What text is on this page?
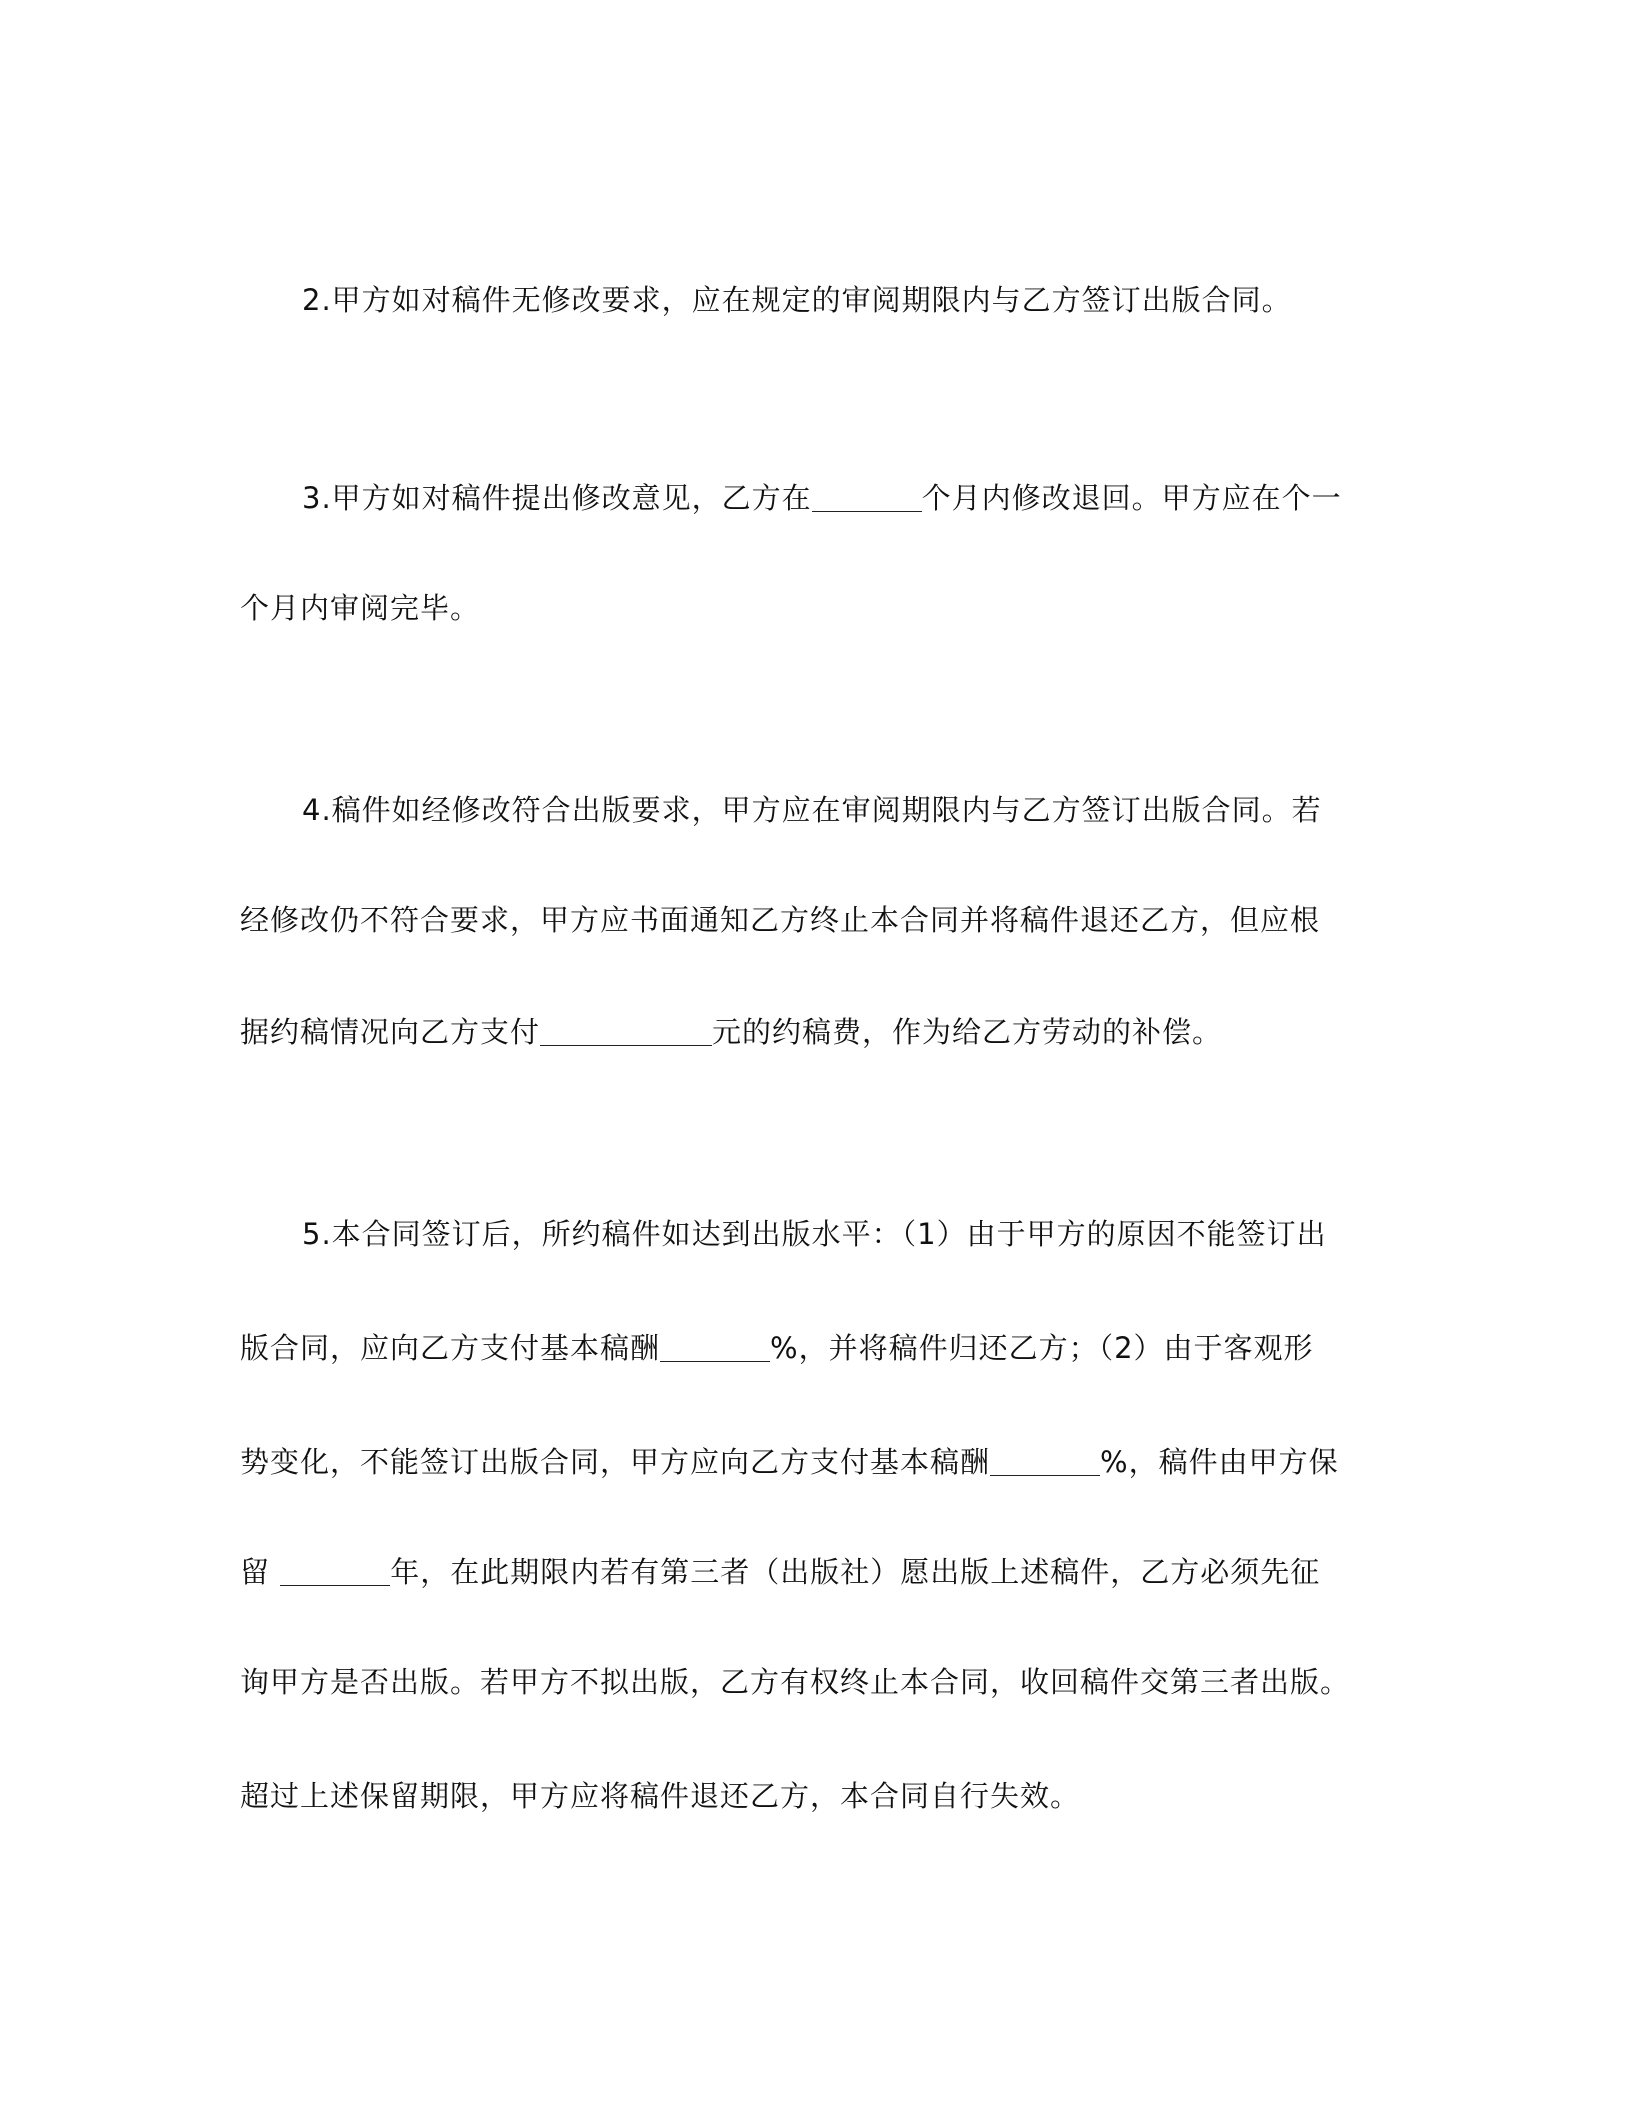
2.甲方如对稿件无修改要求，应在规定的审阅期限内与乙方签订出版合同。
3.甲方如对稿件提出修改意见，乙方在	个月内修改退回。甲方应在个一
个月内审阅完毕。
4.稿件如经修改符合出版要求，甲方应在审阅期限内与乙方签订出版合同。若
经修改仍不符合要求，甲方应书面通知乙方终止本合同并将稿件退还乙方，但应根
据约稿情况向乙方支付	元的约稿费，作为给乙方劳动的补偿。
5.本合同签订后，所约稿件如达到出版水平：（1）由于甲方的原因不能签订出
版合同，应向乙方支付基本稿酬	%，并将稿件归还乙方；（2）由于客观形
势变化，不能签订出版合同，甲方应向乙方支付基本稿酬	%，稿件由甲方保
留	年，在此期限内若有第三者（出版社）愿出版上述稿件，乙方必须先征
询甲方是否出版。若甲方不拟出版，乙方有权终止本合同，收回稿件交第三者出版。
超过上述保留期限，甲方应将稿件退还乙方，本合同自行失效。
